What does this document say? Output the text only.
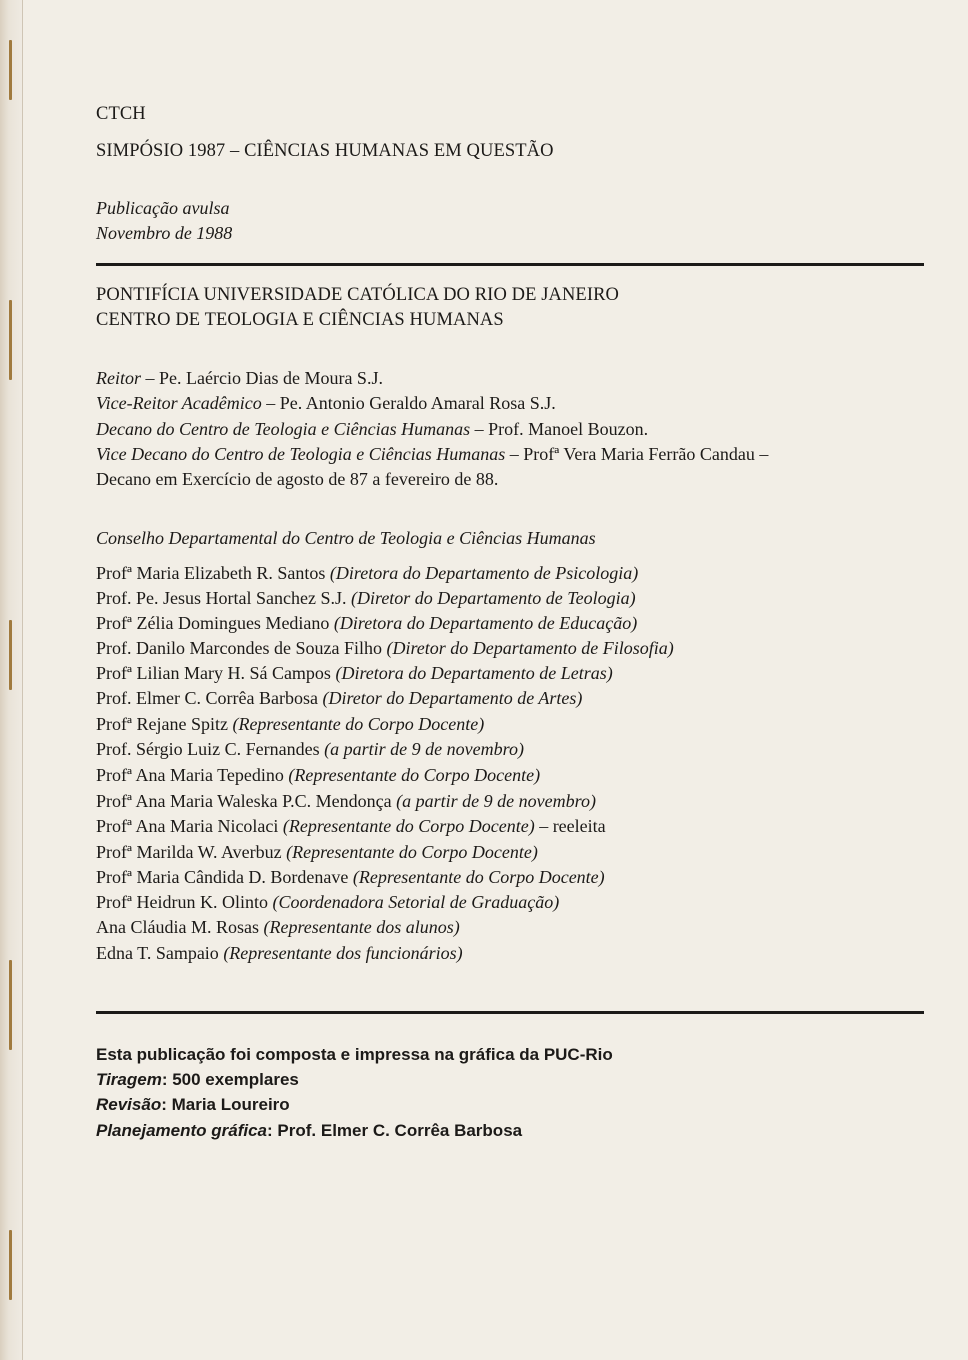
CTCH
SIMPÓSIO 1987 – CIÊNCIAS HUMANAS EM QUESTÃO
Publicação avulsa
Novembro de 1988
PONTIFÍCIA UNIVERSIDADE CATÓLICA DO RIO DE JANEIRO
CENTRO DE TEOLOGIA E CIÊNCIAS HUMANAS
Reitor – Pe. Laércio Dias de Moura S.J.
Vice-Reitor Acadêmico – Pe. Antonio Geraldo Amaral Rosa S.J.
Decano do Centro de Teologia e Ciências Humanas – Prof. Manoel Bouzon.
Vice Decano do Centro de Teologia e Ciências Humanas – Profª Vera Maria Ferrão Candau –
Decano em Exercício de agosto de 87 a fevereiro de 88.
Conselho Departamental do Centro de Teologia e Ciências Humanas
Profª Maria Elizabeth R. Santos (Diretora do Departamento de Psicologia)
Prof. Pe. Jesus Hortal Sanchez S.J. (Diretor do Departamento de Teologia)
Profª Zélia Domingues Mediano (Diretora do Departamento de Educação)
Prof. Danilo Marcondes de Souza Filho (Diretor do Departamento de Filosofia)
Profª Lilian Mary H. Sá Campos (Diretora do Departamento de Letras)
Prof. Elmer C. Corrêa Barbosa (Diretor do Departamento de Artes)
Profª Rejane Spitz (Representante do Corpo Docente)
Prof. Sérgio Luiz C. Fernandes (a partir de 9 de novembro)
Profª Ana Maria Tepedino (Representante do Corpo Docente)
Profª Ana Maria Waleska P.C. Mendonça (a partir de 9 de novembro)
Profª Ana Maria Nicolaci (Representante do Corpo Docente) – reeleita
Profª Marilda W. Averbuz (Representante do Corpo Docente)
Profª Maria Cândida D. Bordenave (Representante do Corpo Docente)
Profª Heidrun K. Olinto (Coordenadora Setorial de Graduação)
Ana Cláudia M. Rosas (Representante dos alunos)
Edna T. Sampaio (Representante dos funcionários)
Esta publicação foi composta e impressa na gráfica da PUC-Rio
Tiragem: 500 exemplares
Revisão: Maria Loureiro
Planejamento gráfica: Prof. Elmer C. Corrêa Barbosa
